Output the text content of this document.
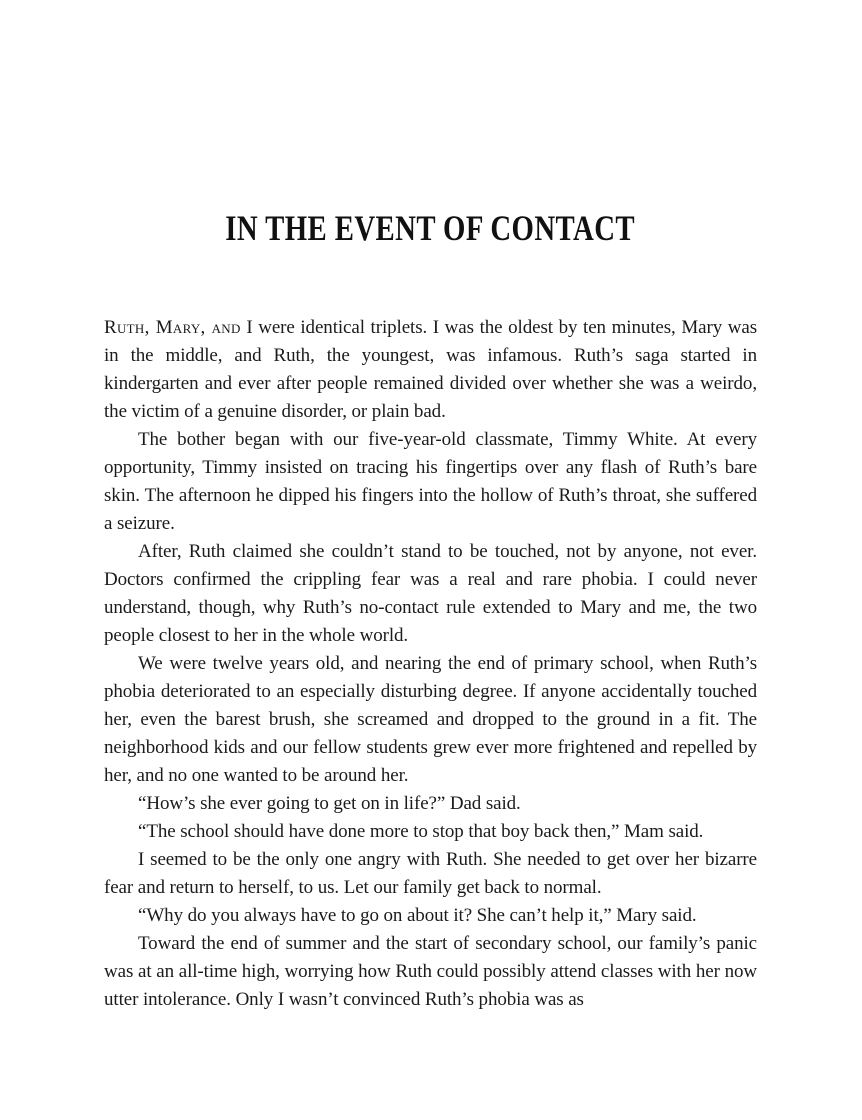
IN THE EVENT OF CONTACT

Ruth, Mary, and I were identical triplets. I was the oldest by ten minutes, Mary was in the middle, and Ruth, the youngest, was infamous. Ruth’s saga started in kindergarten and ever after people remained divided over whether she was a weirdo, the victim of a genuine disorder, or plain bad.

The bother began with our five-year-old classmate, Timmy White. At every opportunity, Timmy insisted on tracing his fingertips over any flash of Ruth’s bare skin. The afternoon he dipped his fingers into the hollow of Ruth’s throat, she suffered a seizure.

After, Ruth claimed she couldn’t stand to be touched, not by anyone, not ever. Doctors confirmed the crippling fear was a real and rare phobia. I could never understand, though, why Ruth’s no-contact rule extended to Mary and me, the two people closest to her in the whole world.

We were twelve years old, and nearing the end of primary school, when Ruth’s phobia deteriorated to an especially disturbing degree. If anyone accidentally touched her, even the barest brush, she screamed and dropped to the ground in a fit. The neighborhood kids and our fellow students grew ever more frightened and repelled by her, and no one wanted to be around her.

“How’s she ever going to get on in life?” Dad said.

“The school should have done more to stop that boy back then,” Mam said.

I seemed to be the only one angry with Ruth. She needed to get over her bizarre fear and return to herself, to us. Let our family get back to normal.

“Why do you always have to go on about it? She can’t help it,” Mary said.

Toward the end of summer and the start of secondary school, our family’s panic was at an all-time high, worrying how Ruth could possibly attend classes with her now utter intolerance. Only I wasn’t convinced Ruth’s phobia was as
